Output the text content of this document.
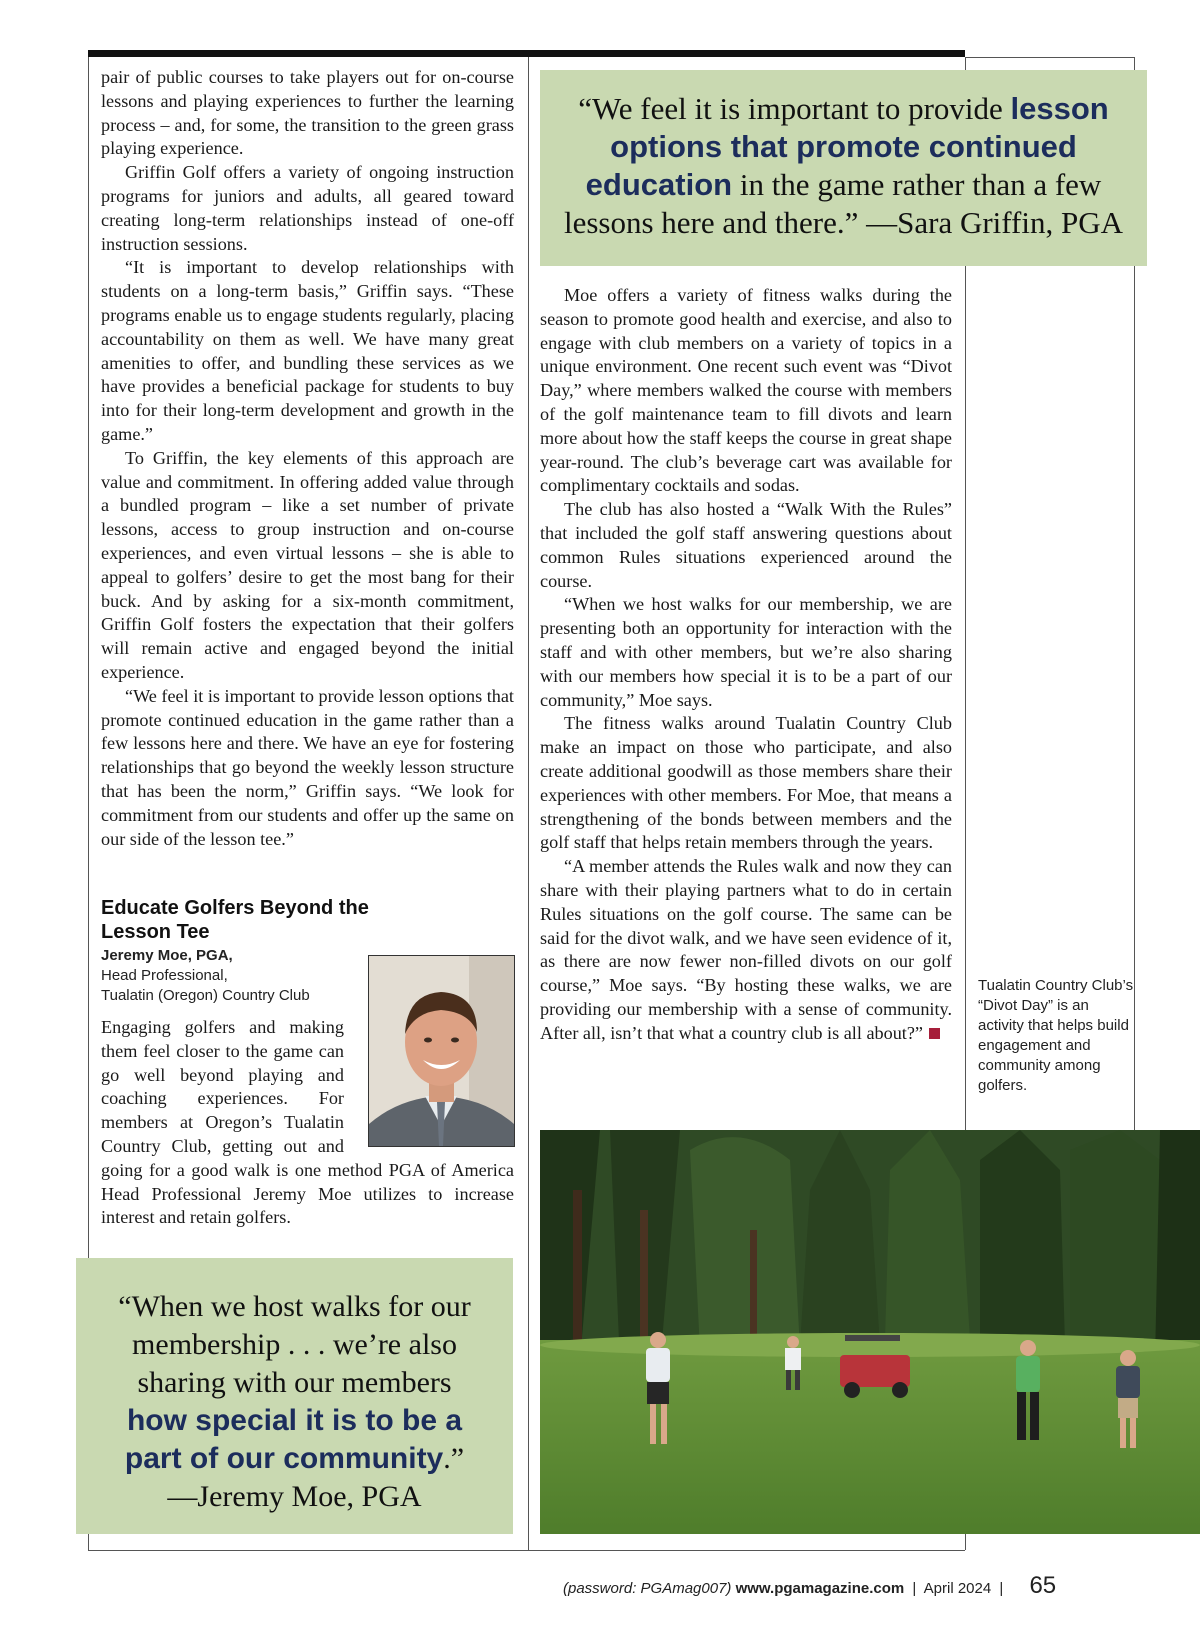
pair of public courses to take players out for on-course lessons and playing experiences to further the learning process – and, for some, the transition to the green grass playing experience.

Griffin Golf offers a variety of ongoing instruction programs for juniors and adults, all geared toward creating long-term relationships instead of one-off instruction sessions.

“It is important to develop relationships with students on a long-term basis,” Griffin says. “These programs enable us to engage students regularly, placing accountability on them as well. We have many great amenities to offer, and bundling these services as we have provides a beneficial package for students to buy into for their long-term development and growth in the game.”

To Griffin, the key elements of this approach are value and commitment. In offering added value through a bundled program – like a set number of private lessons, access to group instruction and on-course experiences, and even virtual lessons – she is able to appeal to golfers’ desire to get the most bang for their buck. And by asking for a six-month commitment, Griffin Golf fosters the expectation that their golfers will remain active and engaged beyond the initial experience.

“We feel it is important to provide lesson options that promote continued education in the game rather than a few lessons here and there. We have an eye for fostering relationships that go beyond the weekly lesson structure that has been the norm,” Griffin says. “We look for commitment from our students and offer up the same on our side of the lesson tee.”

Educate Golfers Beyond the Lesson Tee
Jeremy Moe, PGA,
Head Professional,
Tualatin (Oregon) Country Club

Engaging golfers and making them feel closer to the game can go well beyond playing and coaching experiences. For members at Oregon’s Tualatin Country Club, getting out and going for a good walk is one method PGA of America Head Professional Jeremy Moe utilizes to increase interest and retain golfers.

“We feel it is important to provide lesson options that promote continued education in the game rather than a few lessons here and there.” —Sara Griffin, PGA

Moe offers a variety of fitness walks during the season to promote good health and exercise, and also to engage with club members on a variety of topics in a unique environment. One recent such event was “Divot Day,” where members walked the course with members of the golf maintenance team to fill divots and learn more about how the staff keeps the course in great shape year-round. The club’s beverage cart was available for complimentary cocktails and sodas.

The club has also hosted a “Walk With the Rules” that included the golf staff answering questions about common Rules situations experienced around the course.

“When we host walks for our membership, we are presenting both an opportunity for interaction with the staff and with other members, but we’re also sharing with our members how special it is to be a part of our community,” Moe says.

The fitness walks around Tualatin Country Club make an impact on those who participate, and also create additional goodwill as those members share their experiences with other members. For Moe, that means a strengthening of the bonds between members and the golf staff that helps retain members through the years.

“A member attends the Rules walk and now they can share with their playing partners what to do in certain Rules situations on the golf course. The same can be said for the divot walk, and we have seen evidence of it, as there are now fewer non-filled divots on our golf course,” Moe says. “By hosting these walks, we are providing our membership with a sense of community. After all, isn’t that what a country club is all about?”

Tualatin Country Club’s “Divot Day” is an activity that helps build engagement and community among golfers.
“When we host walks for our membership . . . we’re also sharing with our members how special it is to be a part of our community.”
—Jeremy Moe, PGA
(password: PGAmag007) www.pgamagazine.com | April 2024 | 65
